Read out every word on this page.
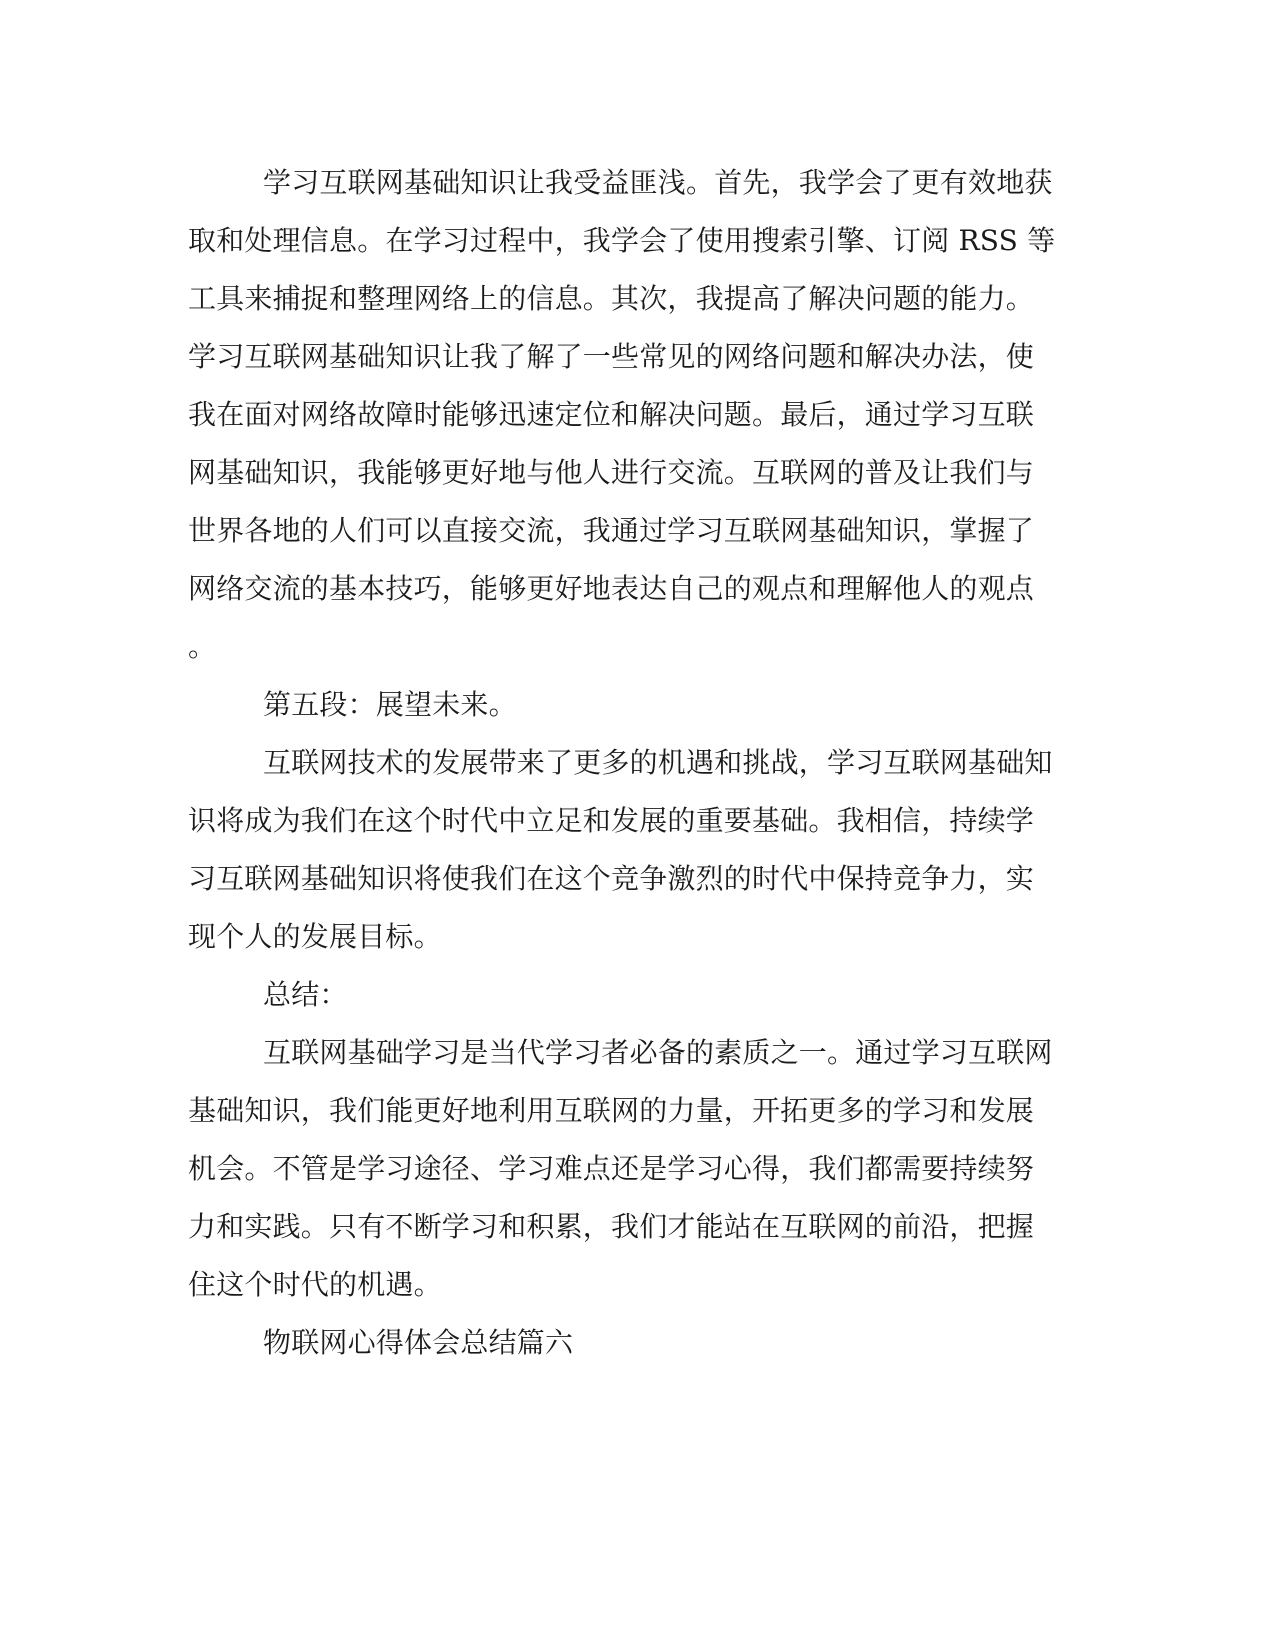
学习互联网基础知识让我受益匪浅。首先，我学会了更有效地获
取和处理信息。在学习过程中，我学会了使用搜索引擎、订阅 RSS 等
工具来捕捉和整理网络上的信息。其次，我提高了解决问题的能力。
学习互联网基础知识让我了解了一些常见的网络问题和解决办法，使
我在面对网络故障时能够迅速定位和解决问题。最后，通过学习互联
网基础知识，我能够更好地与他人进行交流。互联网的普及让我们与
世界各地的人们可以直接交流，我通过学习互联网基础知识，掌握了
网络交流的基本技巧，能够更好地表达自己的观点和理解他人的观点
。
第五段：展望未来。
互联网技术的发展带来了更多的机遇和挑战，学习互联网基础知
识将成为我们在这个时代中立足和发展的重要基础。我相信，持续学
习互联网基础知识将使我们在这个竞争激烈的时代中保持竞争力，实
现个人的发展目标。
总结：
互联网基础学习是当代学习者必备的素质之一。通过学习互联网
基础知识，我们能更好地利用互联网的力量，开拓更多的学习和发展
机会。不管是学习途径、学习难点还是学习心得，我们都需要持续努
力和实践。只有不断学习和积累，我们才能站在互联网的前沿，把握
住这个时代的机遇。
物联网心得体会总结篇六
